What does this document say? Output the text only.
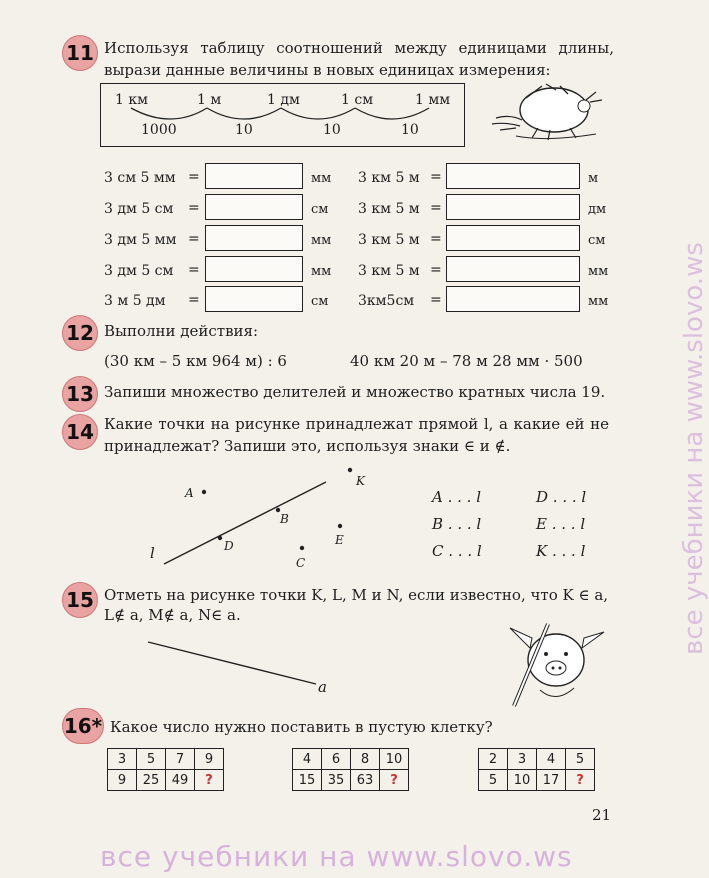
11 Используя таблицу соотношений между единицами длины, вырази данные величины в новых единицах измерения:
1 км	1 м	1 дм	1 см	1 мм
1000	10	10	10
3 см 5 мм =	мм
3 дм 5 см =	см
3 дм 5 мм =	мм
3 дм 5 см =	мм
3 м 5 дм =	см
3 км 5 м =	м
3 км 5 м =	дм
3 км 5 м =	см
3 км 5 м =	мм
3км5см =	мм
12 Выполни действия:
(30 км – 5 км 964 м) : 6	40 км 20 м – 78 м 28 мм · 500
13 Запиши множество делителей и множество кратных числа 19.
14 Какие точки на рисунке принадлежат прямой l, а какие ей не принадлежат? Запиши это, используя знаки ∈ и ∉.
A
K
B
E
D
C
l
A . . . l	D . . . l
B . . . l	E . . . l
C . . . l	K . . . l
15 Отметь на рисунке точки K, L, M и N, если известно, что K ∈ a,
L∉ a, M∉ a, N∈ a.
a
16* Какое число нужно поставить в пустую клетку?
3	5	7	9
9	25	49	?
4	6	8	10
15	35	63	?
2	3	4	5
5	10	17	?
21
все учебники на www.slovo.ws
все учебники на www.slovo.ws
